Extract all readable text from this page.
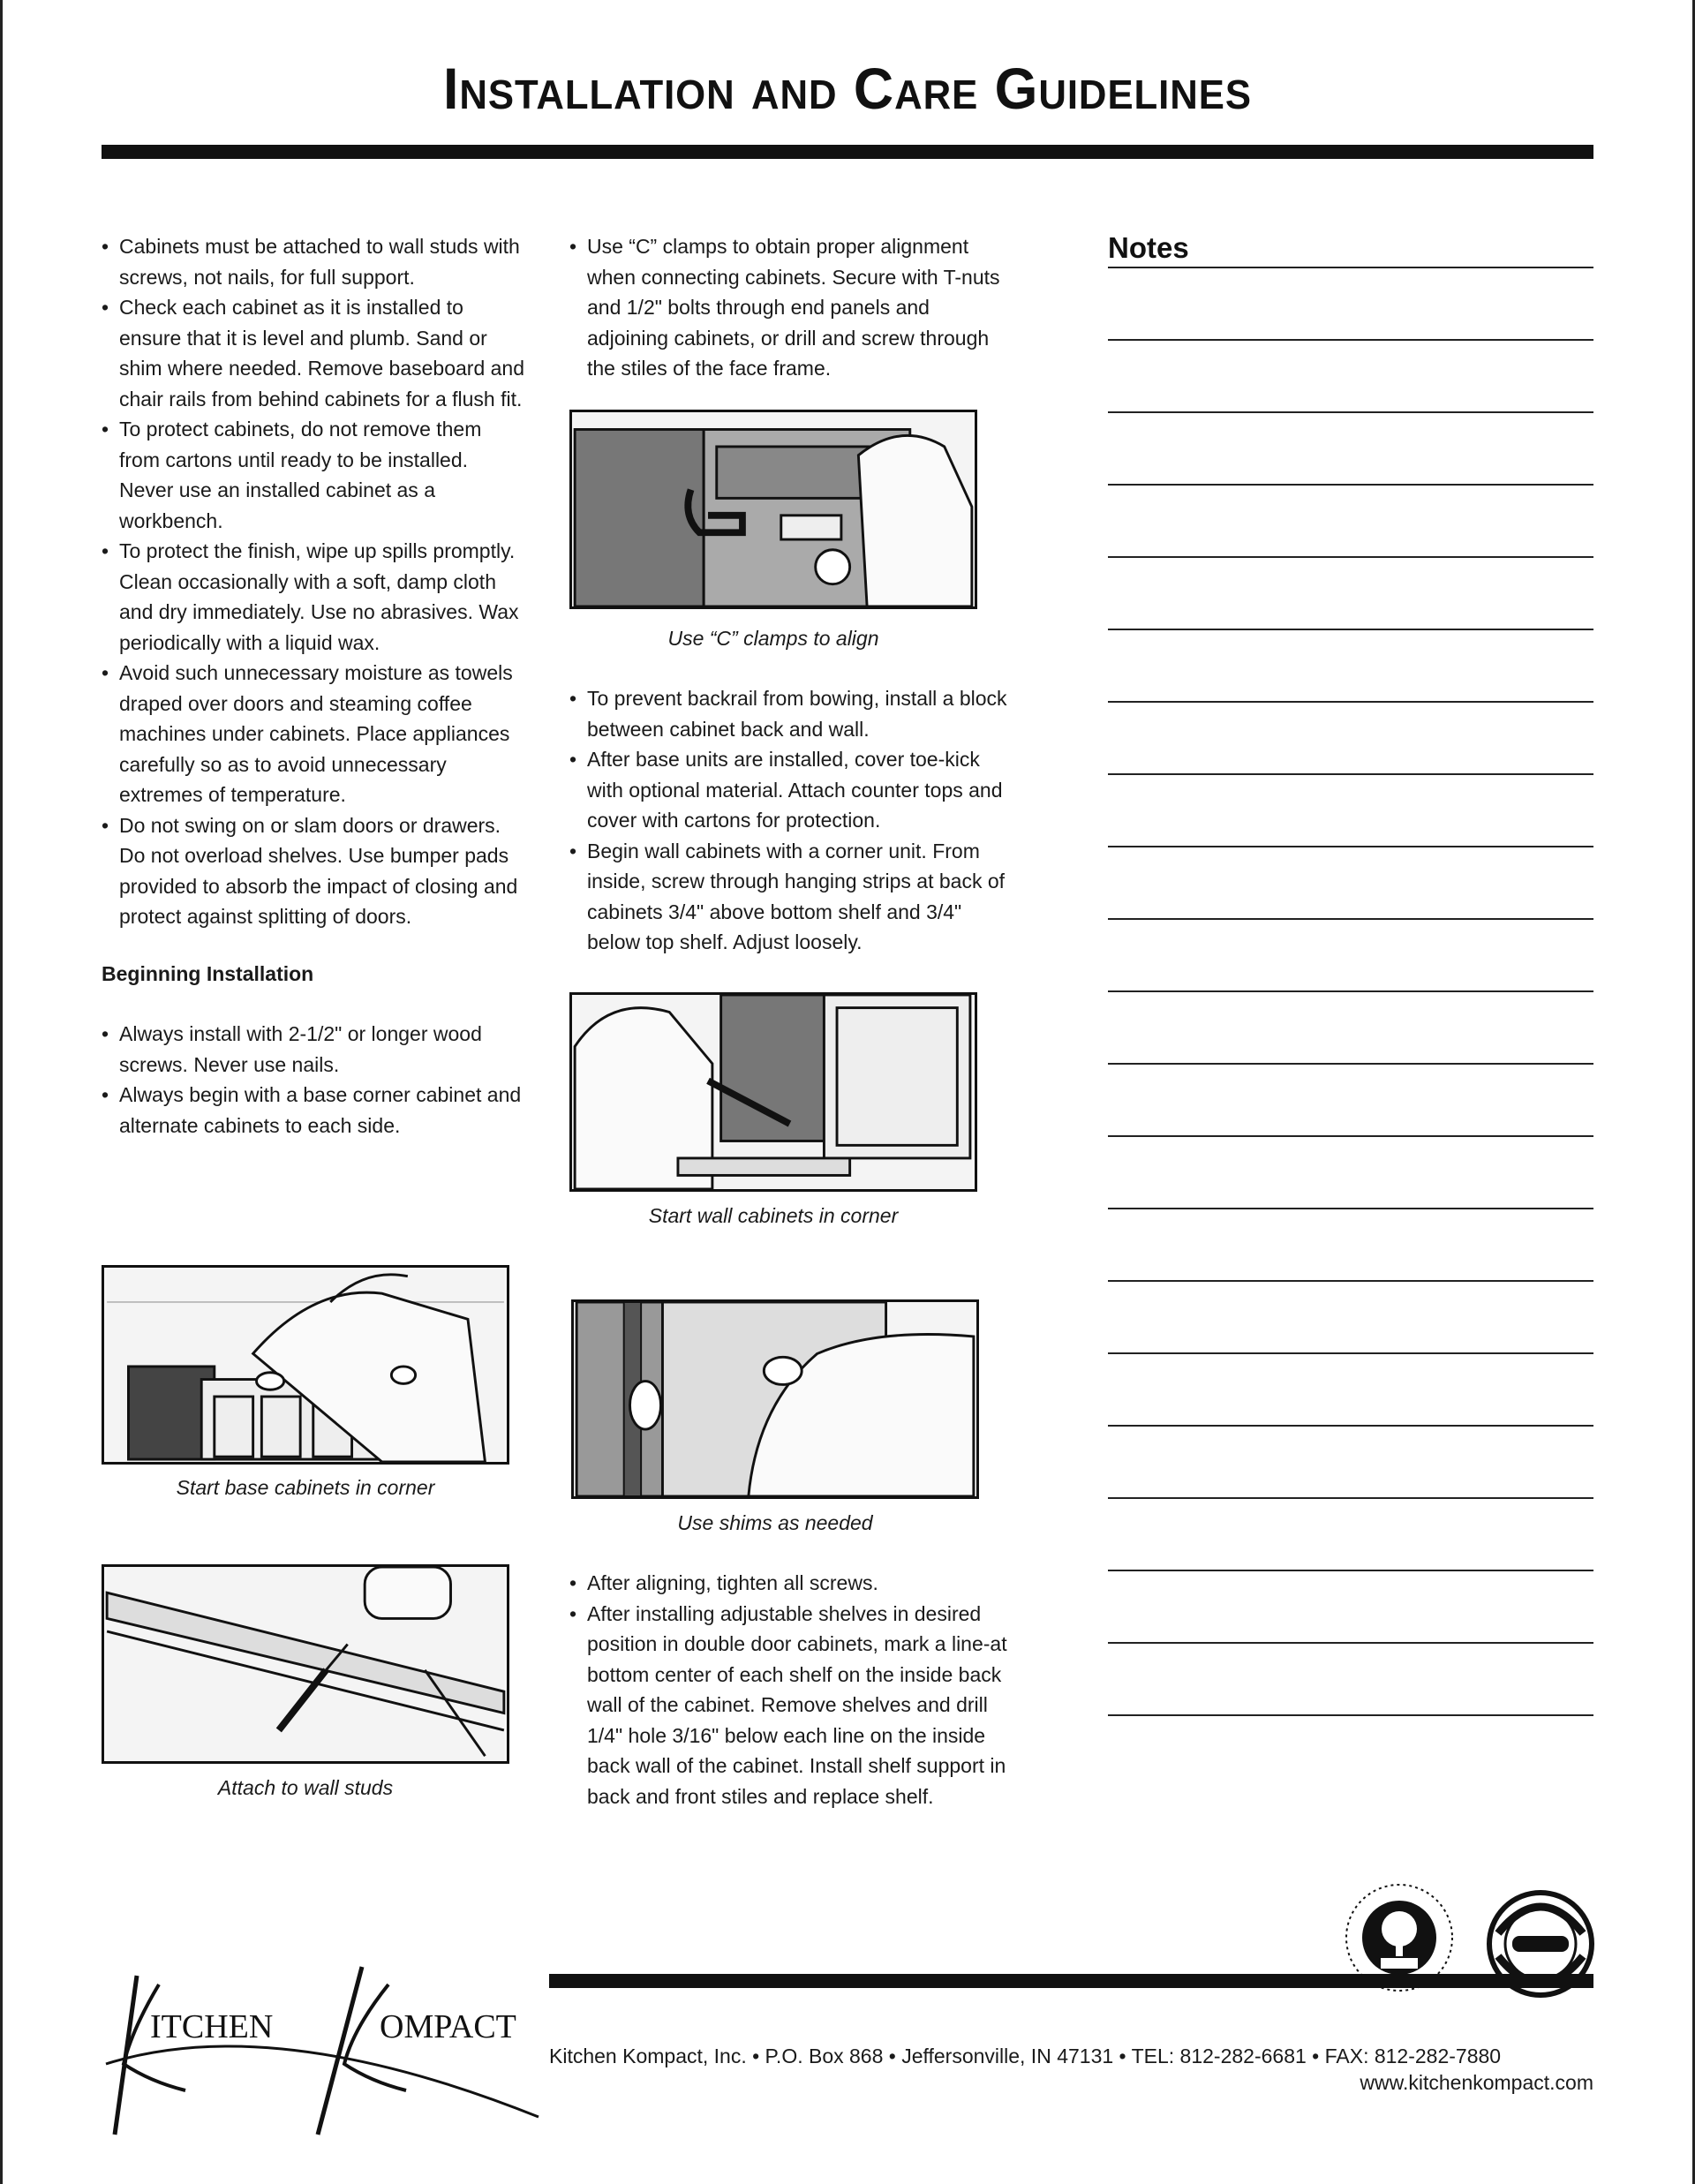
Installation and Care Guidelines
• Cabinets must be attached to wall studs with screws, not nails, for full support.
• Check each cabinet as it is installed to ensure that it is level and plumb. Sand or shim where needed. Remove baseboard and chair rails from behind cabinets for a flush fit.
• To protect cabinets, do not remove them from cartons until ready to be installed. Never use an installed cabinet as a workbench.
• To protect the finish, wipe up spills promptly. Clean occasionally with a soft, damp cloth and dry immediately. Use no abrasives. Wax periodically with a liquid wax.
• Avoid such unnecessary moisture as towels draped over doors and steaming coffee machines under cabinets. Place appliances carefully so as to avoid unnecessary extremes of temperature.
• Do not swing on or slam doors or drawers. Do not overload shelves. Use bumper pads provided to absorb the impact of closing and protect against splitting of doors.
Beginning Installation
• Always install with 2-1/2" or longer wood screws. Never use nails.
• Always begin with a base corner cabinet and alternate cabinets to each side.
Start base cabinets in corner
Attach to wall studs
• Use “C” clamps to obtain proper alignment when connecting cabinets. Secure with T-nuts and 1/2" bolts through end panels and adjoining cabinets, or drill and screw through the stiles of the face frame.
Use “C” clamps to align
• To prevent backrail from bowing, install a block between cabinet back and wall.
• After base units are installed, cover toe-kick with optional material. Attach counter tops and cover with cartons for protection.
• Begin wall cabinets with a corner unit. From inside, screw through hanging strips at back of cabinets 3/4" above bottom shelf and 3/4" below top shelf. Adjust loosely.
Start wall cabinets in corner
Use shims as needed
• After aligning, tighten all screws.
• After installing adjustable shelves in desired position in double door cabinets, mark a line-at bottom center of each shelf on the inside back wall of the cabinet. Remove shelves and drill 1/4" hole 3/16" below each line on the inside back wall of the cabinet. Install shelf support in back and front stiles and replace shelf.
Notes
ITCHEN	OMPACT
Kitchen Kompact, Inc. • P.O. Box 868 • Jeffersonville, IN 47131 • TEL: 812-282-6681 • FAX: 812-282-7880
www.kitchenkompact.com
